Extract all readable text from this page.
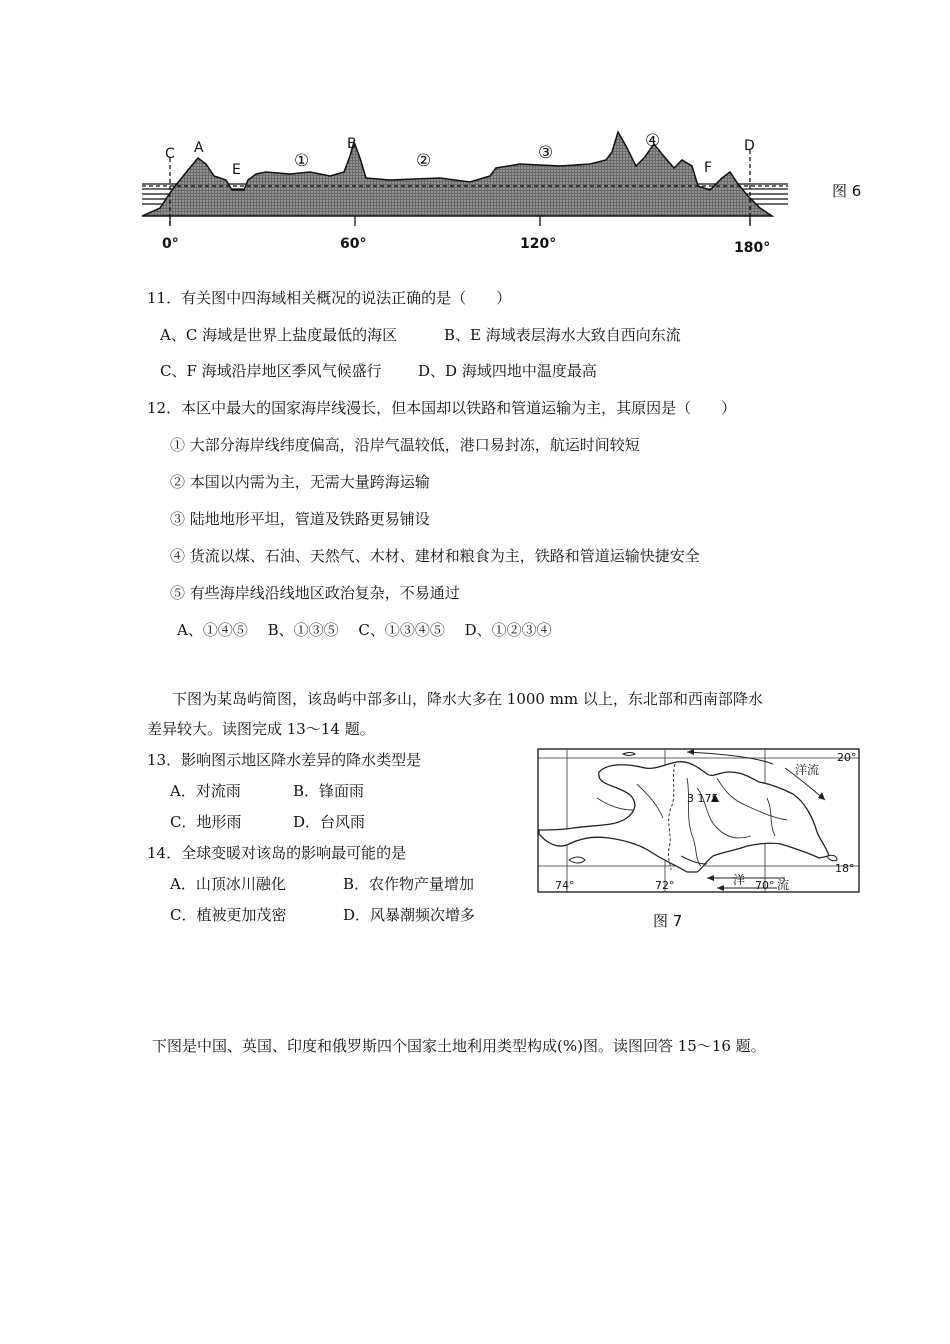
C A
E
B
F
D
①	②	③
④
0°	60°	120°	180°
图 6
11．有关图中四海域相关概况的说法正确的是（　　）
A、C 海域是世界上盐度最低的海区	B、E 海域表层海水大致自西向东流
C、F 海域沿岸地区季风气候盛行 D、D 海域四地中温度最高
12．本区中最大的国家海岸线漫长，但本国却以铁路和管道运输为主，其原因是（　　）
① 大部分海岸线纬度偏高，沿岸气温较低，港口易封冻，航运时间较短
② 本国以内需为主，无需大量跨海运输
③ 陆地地形平坦，管道及铁路更易铺设
④ 货流以煤、石油、天然气、木材、建材和粮食为主，铁路和管道运输快捷安全
⑤ 有些海岸线沿线地区政治复杂，不易通过
A、①④⑤　 B、①③⑤　 C、①③④⑤　 D、①②③④
下图为某岛屿简图，该岛屿中部多山，降水大多在 1000 mm 以上，东北部和西南部降水
差异较大。读图完成 13～14 题。
13．影响图示地区降水差异的降水类型是
A．对流雨	B．锋面雨
C．地形雨	D．台风雨
14．全球变暖对该岛的影响最可能的是
A．山顶冰川融化	B．农作物产量增加
C．植被更加茂密	D．风暴潮频次增多
20°
18°
74°	72°	70°
洋流
洋	流
3 175
图 7
下图是中国、英国、印度和俄罗斯四个国家土地利用类型构成(%)图。读图回答 15～16 题。
